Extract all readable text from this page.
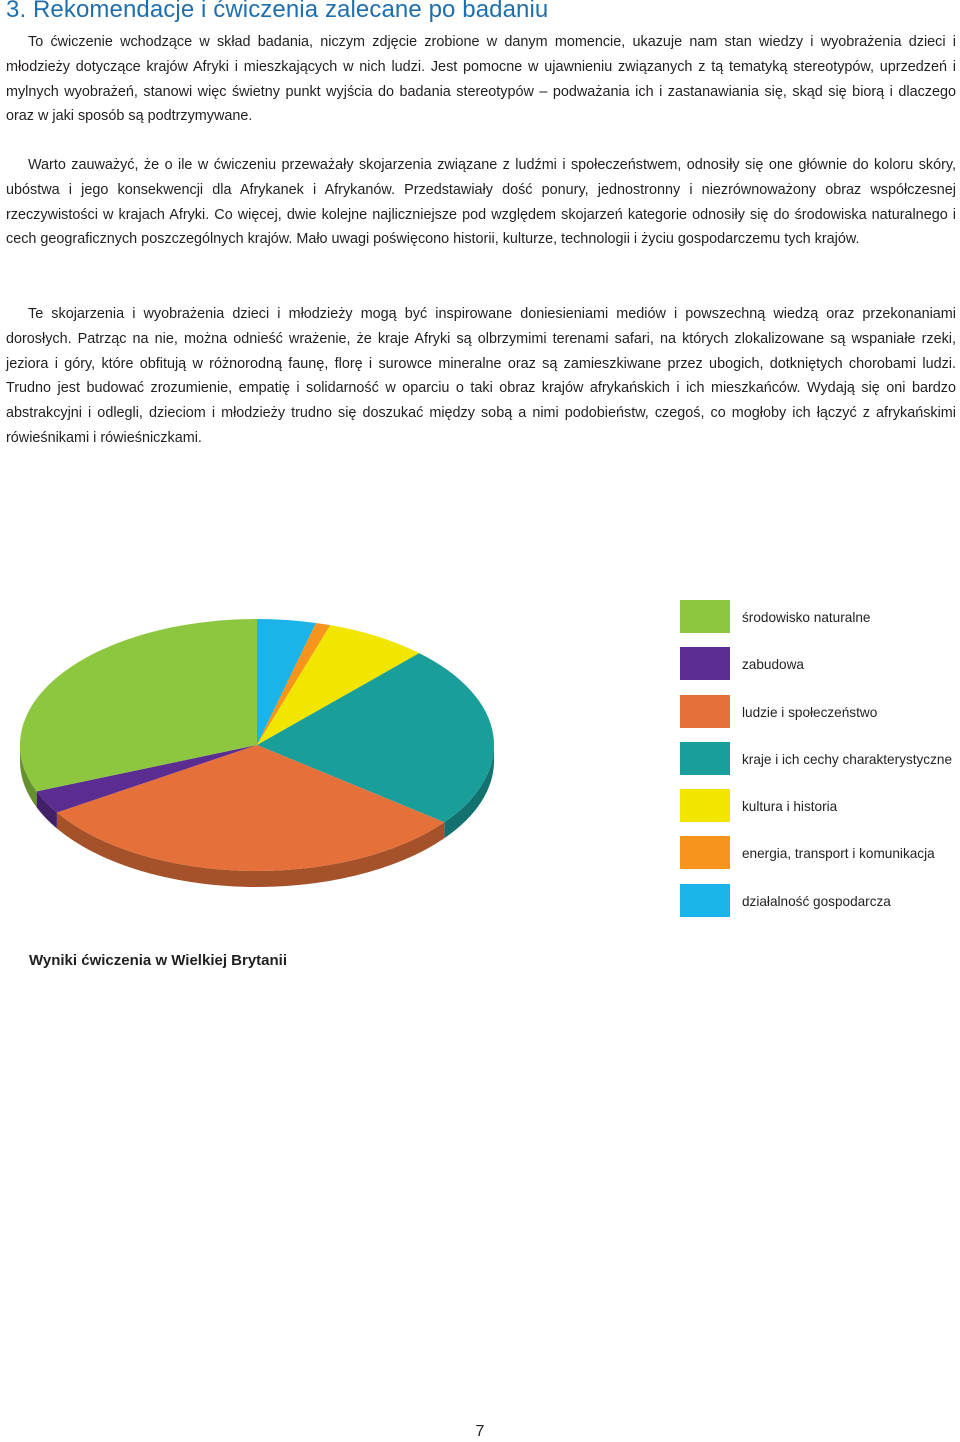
3. Rekomendacje i ćwiczenia zalecane po badaniu

To ćwiczenie wchodzące w skład badania, niczym zdjęcie zrobione w danym momencie, ukazuje nam stan wiedzy i wyobrażenia dzieci i młodzieży dotyczące krajów Afryki i mieszkających w nich ludzi. Jest pomocne w ujawnieniu związanych z tą tematyką stereotypów, uprzedzeń i mylnych wyobrażeń, stanowi więc świetny punkt wyjścia do badania stereotypów – podważania ich i zastanawiania się, skąd się biorą i dlaczego oraz w jaki sposób są podtrzymywane.

Warto zauważyć, że o ile w ćwiczeniu przeważały skojarzenia związane z ludźmi i społeczeństwem, odnosiły się one głównie do koloru skóry, ubóstwa i jego konsekwencji dla Afrykanek i Afrykanów. Przedstawiały dość ponury, jednostronny i niezrównoważony obraz współczesnej rzeczywistości w krajach Afryki. Co więcej, dwie kolejne najliczniejsze pod względem skojarzeń kategorie odnosiły się do środowiska naturalnego i cech geograficznych poszczególnych krajów. Mało uwagi poświęcono historii, kulturze, technologii i życiu gospodarczemu tych krajów.

Te skojarzenia i wyobrażenia dzieci i młodzieży mogą być inspirowane doniesieniami mediów i powszechną wiedzą oraz przekonaniami dorosłych. Patrząc na nie, można odnieść wrażenie, że kraje Afryki są olbrzymimi terenami safari, na których zlokalizowane są wspaniałe rzeki, jeziora i góry, które obfitują w różnorodną faunę, florę i surowce mineralne oraz są zamieszkiwane przez ubogich, dotkniętych chorobami ludzi. Trudno jest budować zrozumienie, empatię i solidarność w oparciu o taki obraz krajów afrykańskich i ich mieszkańców. Wydają się oni bardzo abstrakcyjni i odlegli, dzieciom i młodzieży trudno się doszukać między sobą a nimi podobieństw, czegoś, co mogłoby ich łączyć z afrykańskimi rówieśnikami i rówieśniczkami.

środowisko naturalne
zabudowa
ludzie i społeczeństwo
kraje i ich cechy charakterystyczne
kultura i historia
energia, transport i komunikacja
działalność gospodarcza

Wyniki ćwiczenia w Wielkiej Brytanii

7
